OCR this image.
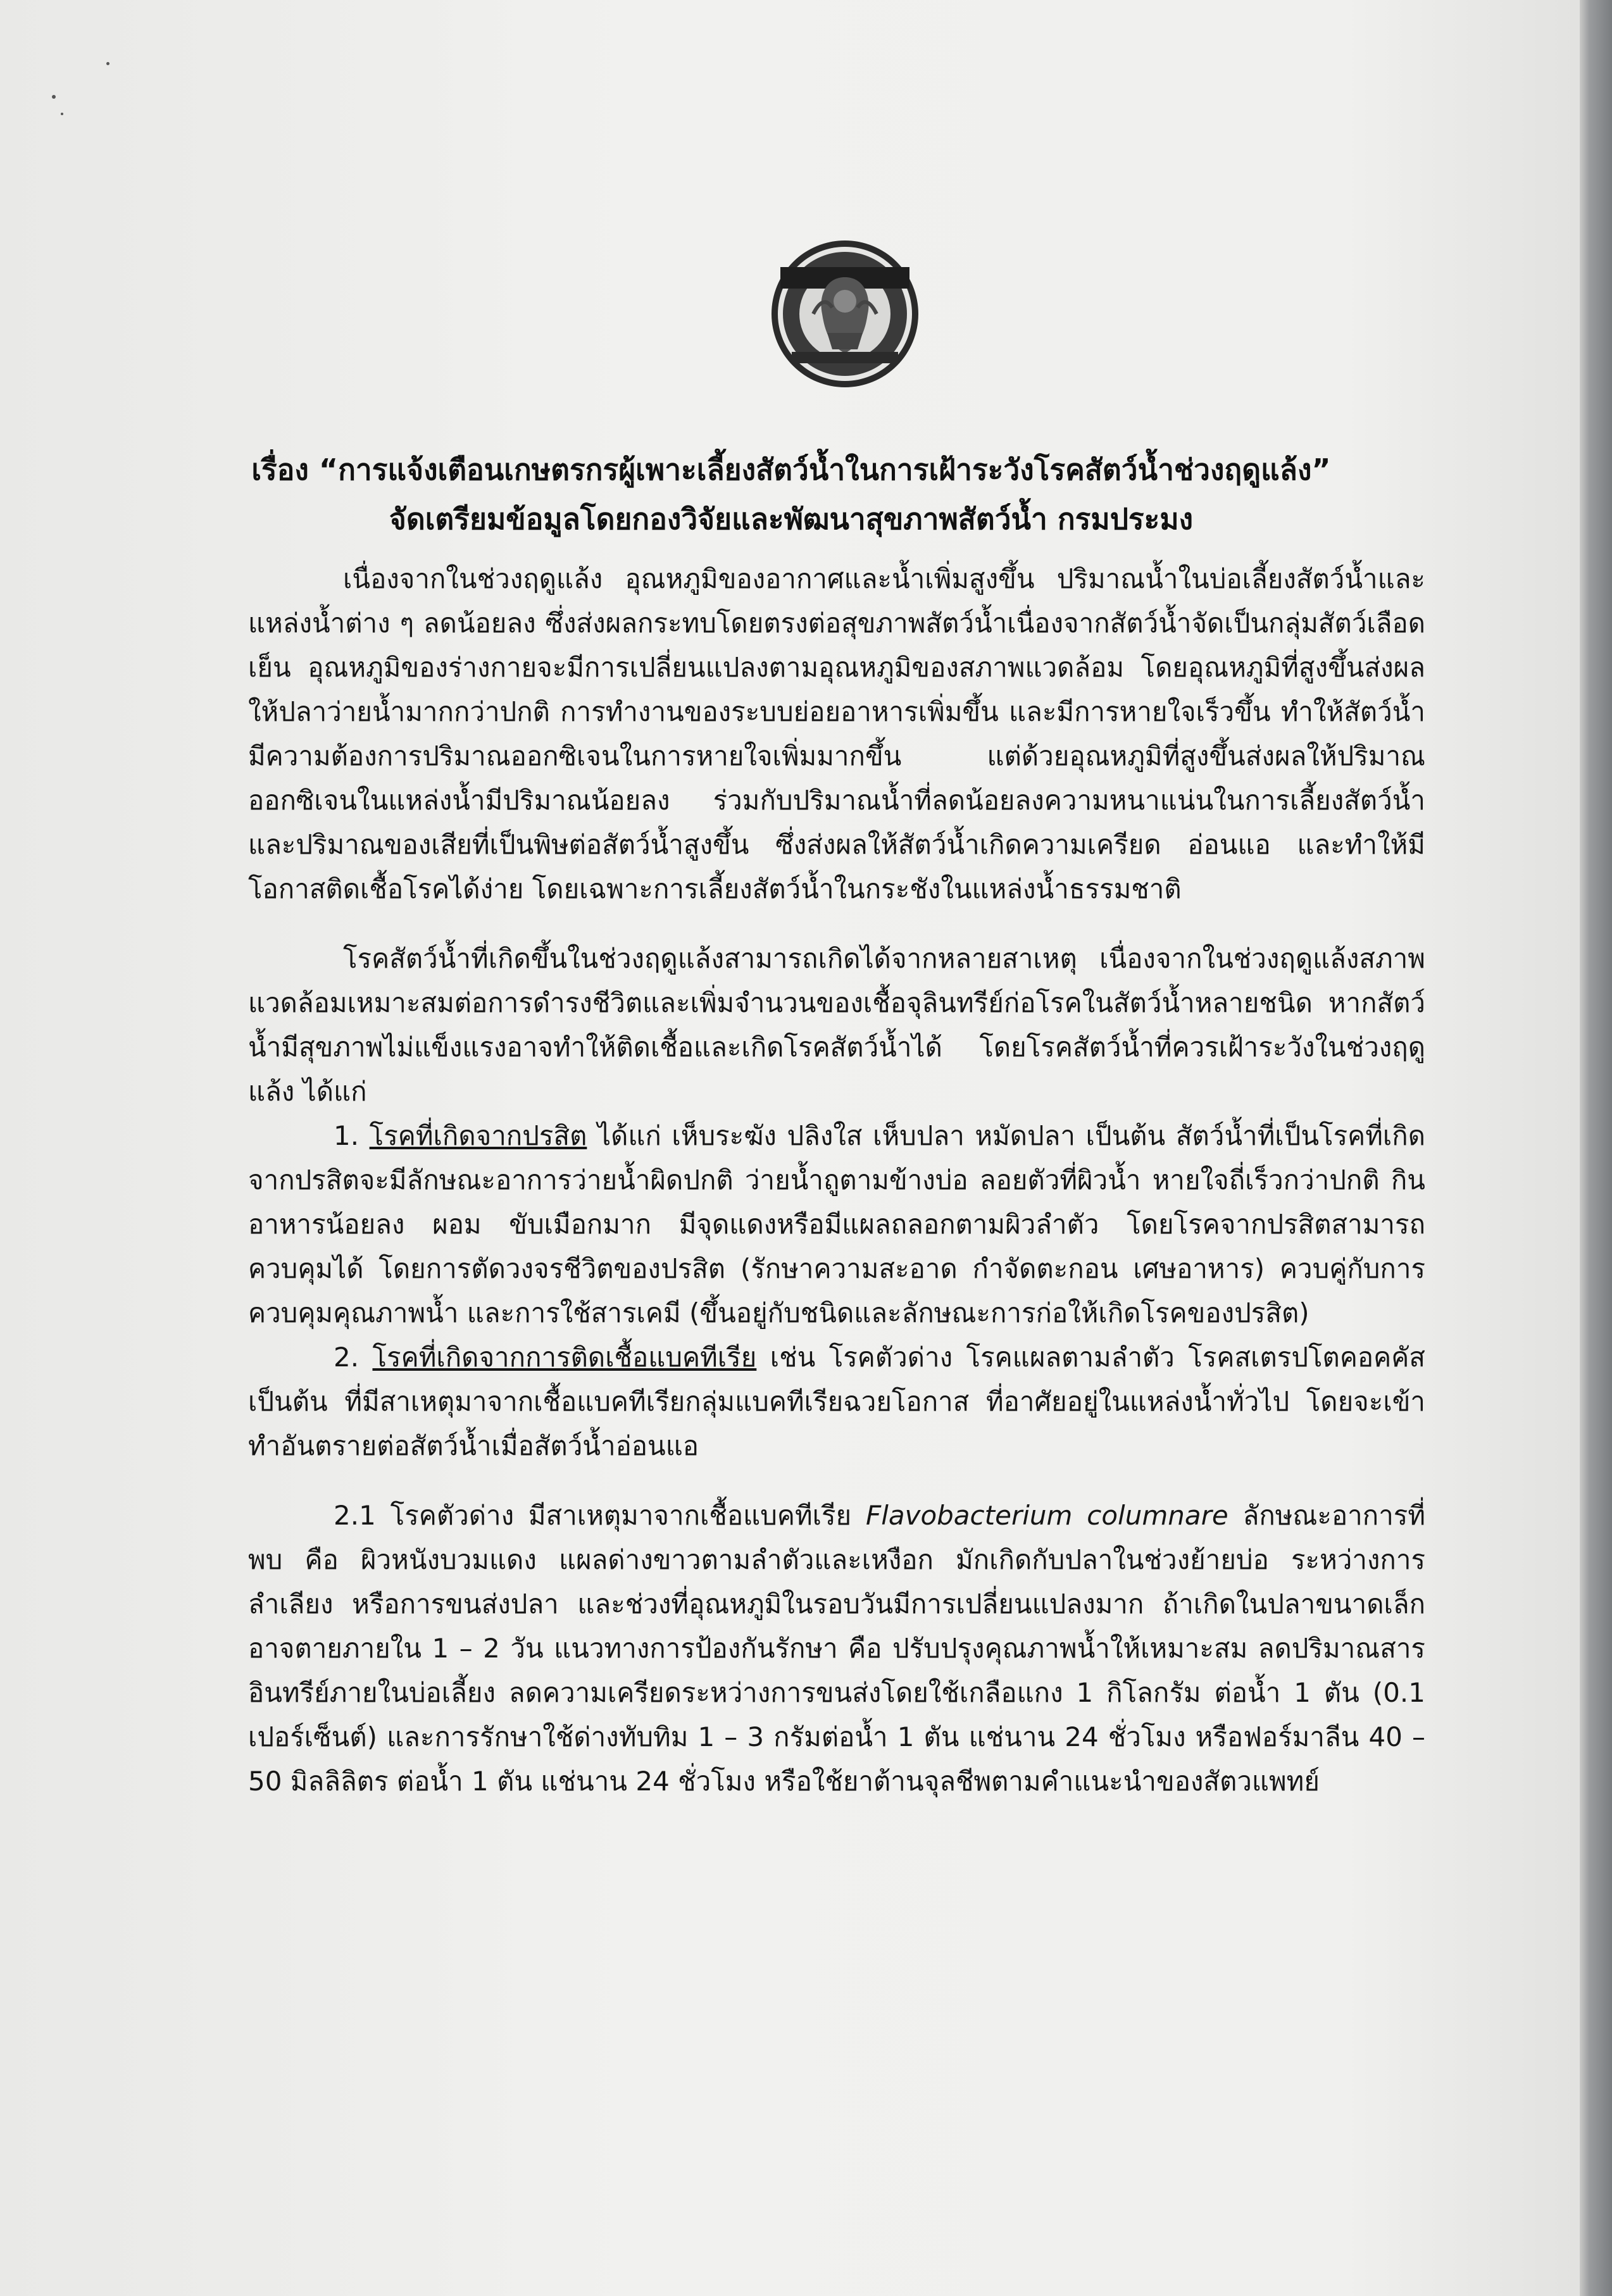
เรื่อง “การแจ้งเตือนเกษตรกรผู้เพาะเลี้ยงสัตว์น้ำในการเฝ้าระวังโรคสัตว์น้ำช่วงฤดูแล้ง”
จัดเตรียมข้อมูลโดยกองวิจัยและพัฒนาสุขภาพสัตว์น้ำ กรมประมง

เนื่องจากในช่วงฤดูแล้ง อุณหภูมิของอากาศและน้ำเพิ่มสูงขึ้น ปริมาณน้ำในบ่อเลี้ยงสัตว์น้ำและแหล่งน้ำต่าง ๆ ลดน้อยลง ซึ่งส่งผลกระทบโดยตรงต่อสุขภาพสัตว์น้ำเนื่องจากสัตว์น้ำจัดเป็นกลุ่มสัตว์เลือดเย็น อุณหภูมิของร่างกายจะมีการเปลี่ยนแปลงตามอุณหภูมิของสภาพแวดล้อม โดยอุณหภูมิที่สูงขึ้นส่งผลให้ปลาว่ายน้ำมากกว่าปกติ การทำงานของระบบย่อยอาหารเพิ่มขึ้น และมีการหายใจเร็วขึ้น ทำให้สัตว์น้ำมีความต้องการปริมาณออกซิเจนในการหายใจเพิ่มมากขึ้น แต่ด้วยอุณหภูมิที่สูงขึ้นส่งผลให้ปริมาณออกซิเจนในแหล่งน้ำมีปริมาณน้อยลง ร่วมกับปริมาณน้ำที่ลดน้อยลงความหนาแน่นในการเลี้ยงสัตว์น้ำและปริมาณของเสียที่เป็นพิษต่อสัตว์น้ำสูงขึ้น ซึ่งส่งผลให้สัตว์น้ำเกิดความเครียด อ่อนแอ และทำให้มีโอกาสติดเชื้อโรคได้ง่าย โดยเฉพาะการเลี้ยงสัตว์น้ำในกระชังในแหล่งน้ำธรรมชาติ

โรคสัตว์น้ำที่เกิดขึ้นในช่วงฤดูแล้งสามารถเกิดได้จากหลายสาเหตุ เนื่องจากในช่วงฤดูแล้งสภาพแวดล้อมเหมาะสมต่อการดำรงชีวิตและเพิ่มจำนวนของเชื้อจุลินทรีย์ก่อโรคในสัตว์น้ำหลายชนิด หากสัตว์น้ำมีสุขภาพไม่แข็งแรงอาจทำให้ติดเชื้อและเกิดโรคสัตว์น้ำได้ โดยโรคสัตว์น้ำที่ควรเฝ้าระวังในช่วงฤดูแล้ง ได้แก่

1. โรคที่เกิดจากปรสิต ได้แก่ เห็บระฆัง ปลิงใส เห็บปลา หมัดปลา เป็นต้น สัตว์น้ำที่เป็นโรคที่เกิดจากปรสิตจะมีลักษณะอาการว่ายน้ำผิดปกติ ว่ายน้ำถูตามข้างบ่อ ลอยตัวที่ผิวน้ำ หายใจถี่เร็วกว่าปกติ กินอาหารน้อยลง ผอม ขับเมือกมาก มีจุดแดงหรือมีแผลถลอกตามผิวลำตัว โดยโรคจากปรสิตสามารถควบคุมได้ โดยการตัดวงจรชีวิตของปรสิต (รักษาความสะอาด กำจัดตะกอน เศษอาหาร) ควบคู่กับการควบคุมคุณภาพน้ำ และการใช้สารเคมี (ขึ้นอยู่กับชนิดและลักษณะการก่อให้เกิดโรคของปรสิต)

2. โรคที่เกิดจากการติดเชื้อแบคทีเรีย เช่น โรคตัวด่าง โรคแผลตามลำตัว โรคสเตรปโตคอคคัส เป็นต้น ที่มีสาเหตุมาจากเชื้อแบคทีเรียกลุ่มแบคทีเรียฉวยโอกาส ที่อาศัยอยู่ในแหล่งน้ำทั่วไป โดยจะเข้าทำอันตรายต่อสัตว์น้ำเมื่อสัตว์น้ำอ่อนแอ

2.1 โรคตัวด่าง มีสาเหตุมาจากเชื้อแบคทีเรีย Flavobacterium columnare ลักษณะอาการที่พบ คือ ผิวหนังบวมแดง แผลด่างขาวตามลำตัวและเหงือก มักเกิดกับปลาในช่วงย้ายบ่อ ระหว่างการลำเลียง หรือการขนส่งปลา และช่วงที่อุณหภูมิในรอบวันมีการเปลี่ยนแปลงมาก ถ้าเกิดในปลาขนาดเล็กอาจตายภายใน 1 – 2 วัน แนวทางการป้องกันรักษา คือ ปรับปรุงคุณภาพน้ำให้เหมาะสม ลดปริมาณสารอินทรีย์ภายในบ่อเลี้ยง ลดความเครียดระหว่างการขนส่งโดยใช้เกลือแกง 1 กิโลกรัม ต่อน้ำ 1 ตัน (0.1 เปอร์เซ็นต์) และการรักษาใช้ด่างทับทิม 1 – 3 กรัมต่อน้ำ 1 ตัน แช่นาน 24 ชั่วโมง หรือฟอร์มาลีน 40 – 50 มิลลิลิตร ต่อน้ำ 1 ตัน แช่นาน 24 ชั่วโมง หรือใช้ยาต้านจุลชีพตามคำแนะนำของสัตวแพทย์
